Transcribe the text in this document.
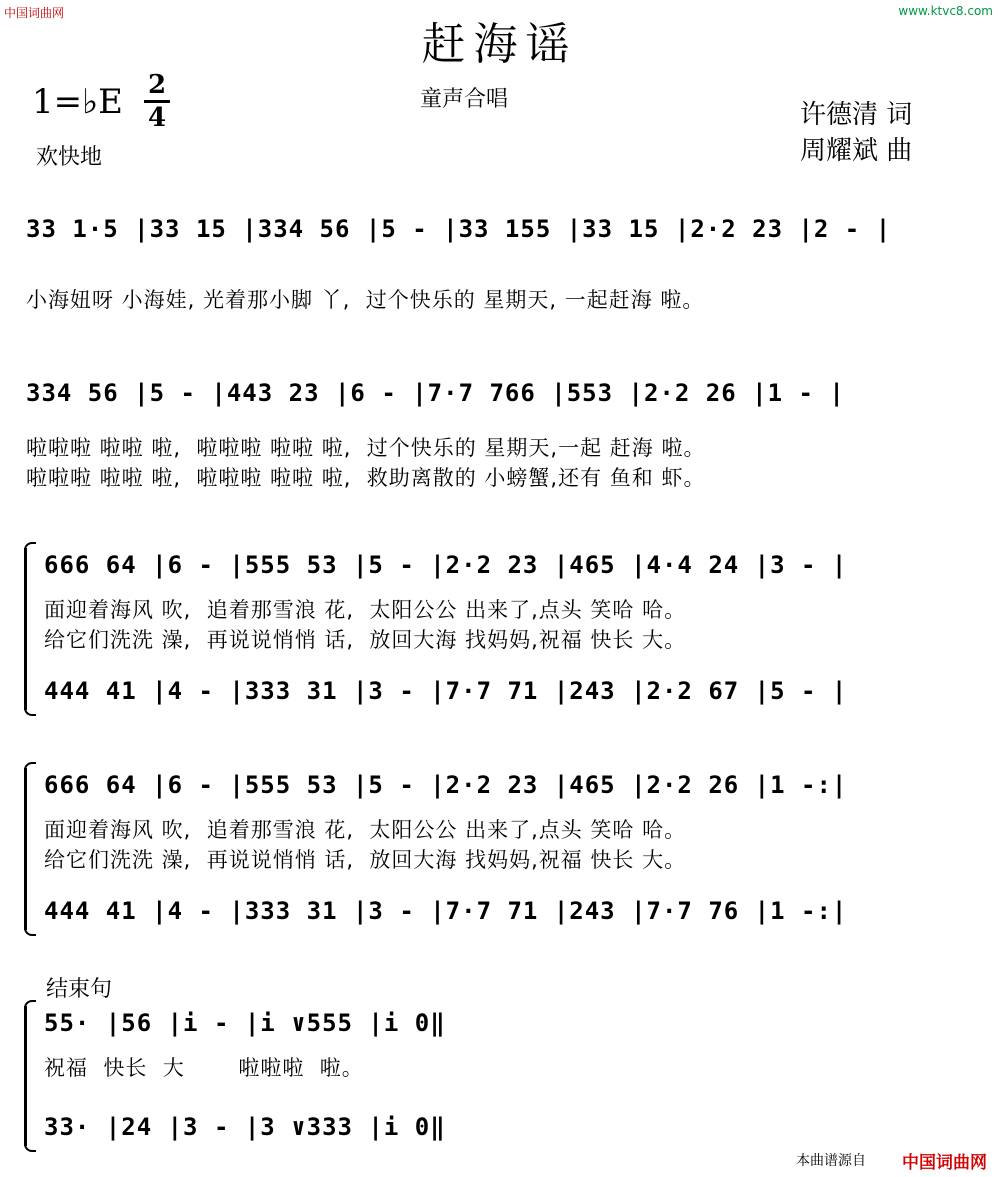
中国词曲网	www.ktvc8.com
赶海谣
1=♭E 2
4
童声合唱
欢快地
许德清 词
周耀斌 曲
33 1·5 |33 15 |334 56 |5 - |33 155 |33 15 |2·2 23 |2 - |
小海妞呀 小海娃, 光着那小脚 丫,  过个快乐的 星期天, 一起赶海 啦。
334 56 |5 - |443 23 |6 - |7·7 766 |553 |2·2 26 |1 - |
啦啦啦 啦啦 啦,  啦啦啦 啦啦 啦,  过个快乐的 星期天,一起 赶海 啦。
啦啦啦 啦啦 啦,  啦啦啦 啦啦 啦,  救助离散的 小螃蟹,还有 鱼和 虾。
666 64 |6 - |555 53 |5 - |2·2 23 |465 |4·4 24 |3 - |
面迎着海风 吹,  追着那雪浪 花,  太阳公公 出来了,点头 笑哈 哈。
给它们洗洗 澡,  再说说悄悄 话,  放回大海 找妈妈,祝福 快长 大。
444 41 |4 - |333 31 |3 - |7·7 71 |243 |2·2 67 |5 - |
666 64 |6 - |555 53 |5 - |2·2 23 |465 |2·2 26 |1 -:|
面迎着海风 吹,  追着那雪浪 花,  太阳公公 出来了,点头 笑哈 哈。
给它们洗洗 澡,  再说说悄悄 话,  放回大海 找妈妈,祝福 快长 大。
444 41 |4 - |333 31 |3 - |7·7 71 |243 |7·7 76 |1 -:|
结束句
55· |56 |i - |i ∨555 |i 0‖
祝福  快长  大       啦啦啦  啦。
33· |24 |3 - |3 ∨333 |i 0‖
本曲谱源自 中国词曲网
